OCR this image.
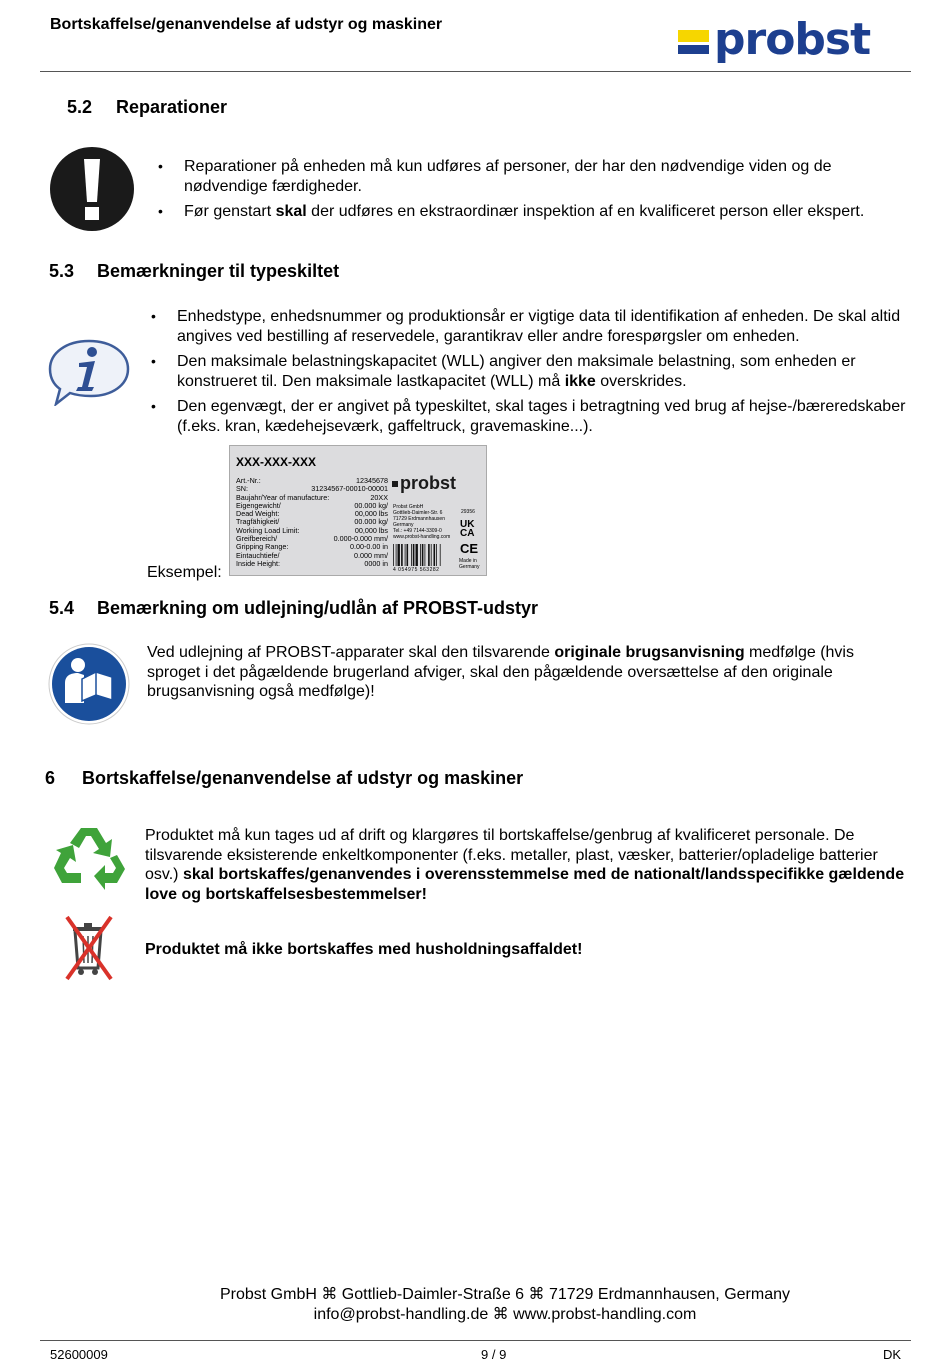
Bortskaffelse/genanvendelse af udstyr og maskiner	probst
5.2 Reparationer
• Reparationer på enheden må kun udføres af personer, der har den nødvendige viden og de nødvendige færdigheder.
• Før genstart skal der udføres en ekstraordinær inspektion af en kvalificeret person eller ekspert.
5.3 Bemærkninger til typeskiltet
• Enhedstype, enhedsnummer og produktionsår er vigtige data til identifikation af enheden. De skal altid angives ved bestilling af reservedele, garantikrav eller andre forespørgsler om enheden.
• Den maksimale belastningskapacitet (WLL) angiver den maksimale belastning, som enheden er konstrueret til. Den maksimale lastkapacitet (WLL) må ikke overskrides.
• Den egenvægt, der er angivet på typeskiltet, skal tages i betragtning ved brug af hejse-/bæreredskaber (f.eks. kran, kædehejseværk, gaffeltruck, gravemaskine...).
Eksempel:
XXX-XXX-XXX
Art.-Nr.:	12345678
SN:	31234567-00010-00001
Baujahr/Year of manufacture:	20XX
Eigengewicht/	00.000 kg/
Dead Weight:	00,000 lbs
Tragfähigkeit/	00.000 kg/
Working Load Limit:	00,000 lbs
Greifbereich/	0.000-0.000 mm/
Gripping Range:	0.00-0.00 in
Eintauchtiefe/	0.000 mm/
Inside Height:	0000 in
probst
Probst GmbH
Gottlieb-Daimler-Str. 6
71729 Erdmannhausen
Germany
Tel.: +49 7144-3309-0
www.probst-handling.com
29356
UK
CA
CE
Made in
Germany
4 054975 563282
5.4 Bemærkning om udlejning/udlån af PROBST-udstyr
Ved udlejning af PROBST-apparater skal den tilsvarende originale brugsanvisning medfølge (hvis sproget i det pågældende brugerland afviger, skal den pågældende oversættelse af den originale brugsanvisning også medfølge)!
6 Bortskaffelse/genanvendelse af udstyr og maskiner
Produktet må kun tages ud af drift og klargøres til bortskaffelse/genbrug af kvalificeret personale. De tilsvarende eksisterende enkeltkomponenter (f.eks. metaller, plast, væsker, batterier/opladelige batterier osv.) skal bortskaffes/genanvendes i overensstemmelse med de nationalt/landsspecifikke gældende love og bortskaffelsesbestemmelser!
Produktet må ikke bortskaffes med husholdningsaffaldet!
Probst GmbH ⌘ Gottlieb-Daimler-Straße 6 ⌘ 71729 Erdmannhausen, Germany
info@probst-handling.de ⌘ www.probst-handling.com
52600009	9 / 9	DK
